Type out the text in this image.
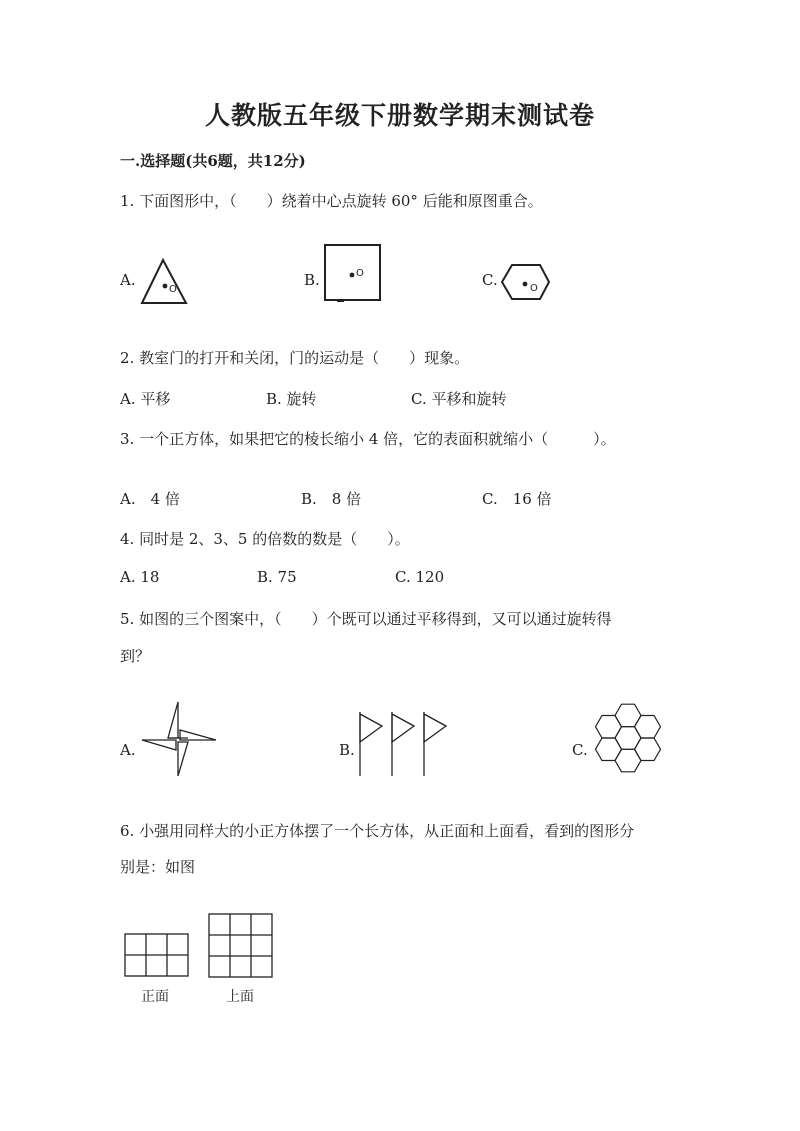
人教版五年级下册数学期末测试卷
一.选择题(共6题，共12分)
1. 下面图形中，（　　）绕着中心点旋转 60° 后能和原图重合。
A.	B.	C.
O
O
O
2. 教室门的打开和关闭，门的运动是（　　）现象。
A. 平移	B. 旋转	C. 平移和旋转
3. 一个正方体，如果把它的棱长缩小 4 倍，它的表面积就缩小（　　　）。
A.　4 倍	B.　8 倍	C.　16 倍
4. 同时是 2、3、5 的倍数的数是（　　）。
A. 18	B. 75	C. 120
5. 如图的三个图案中，（　　）个既可以通过平移得到，又可以通过旋转得
到？
A.	B.	C.
6. 小强用同样大的小正方体摆了一个长方体，从正面和上面看，看到的图形分
别是：如图
正面	上面
